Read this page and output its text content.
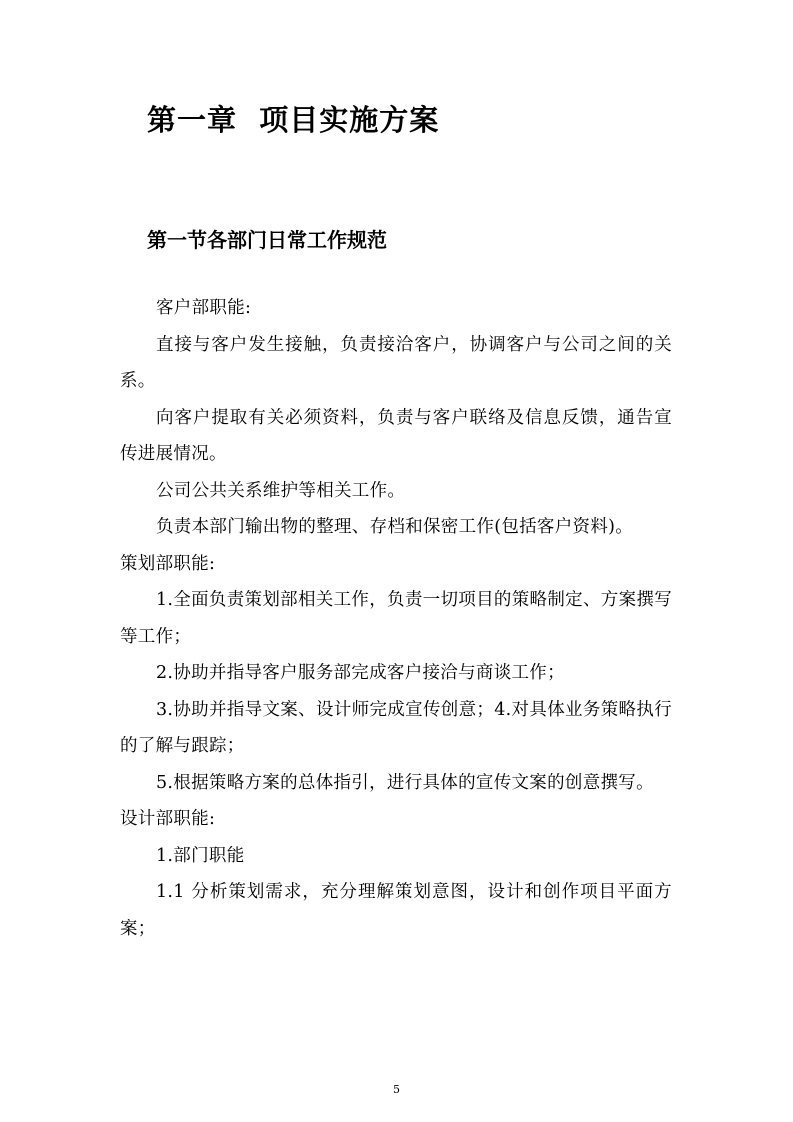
第一章  项目实施方案
第一节各部门日常工作规范

客户部职能:

直接与客户发生接触，负责接洽客户，协调客户与公司之间的关系。

向客户提取有关必须资料，负责与客户联络及信息反馈，通告宣传进展情况。

公司公共关系维护等相关工作。

负责本部门输出物的整理、存档和保密工作(包括客户资料)。

策划部职能:

1.全面负责策划部相关工作，负责一切项目的策略制定、方案撰写等工作；

2.协助并指导客户服务部完成客户接洽与商谈工作；

3.协助并指导文案、设计师完成宣传创意；4.对具体业务策略执行的了解与跟踪；

5.根据策略方案的总体指引，进行具体的宣传文案的创意撰写。

设计部职能:

1.部门职能

1.1 分析策划需求，充分理解策划意图，设计和创作项目平面方案；

5
